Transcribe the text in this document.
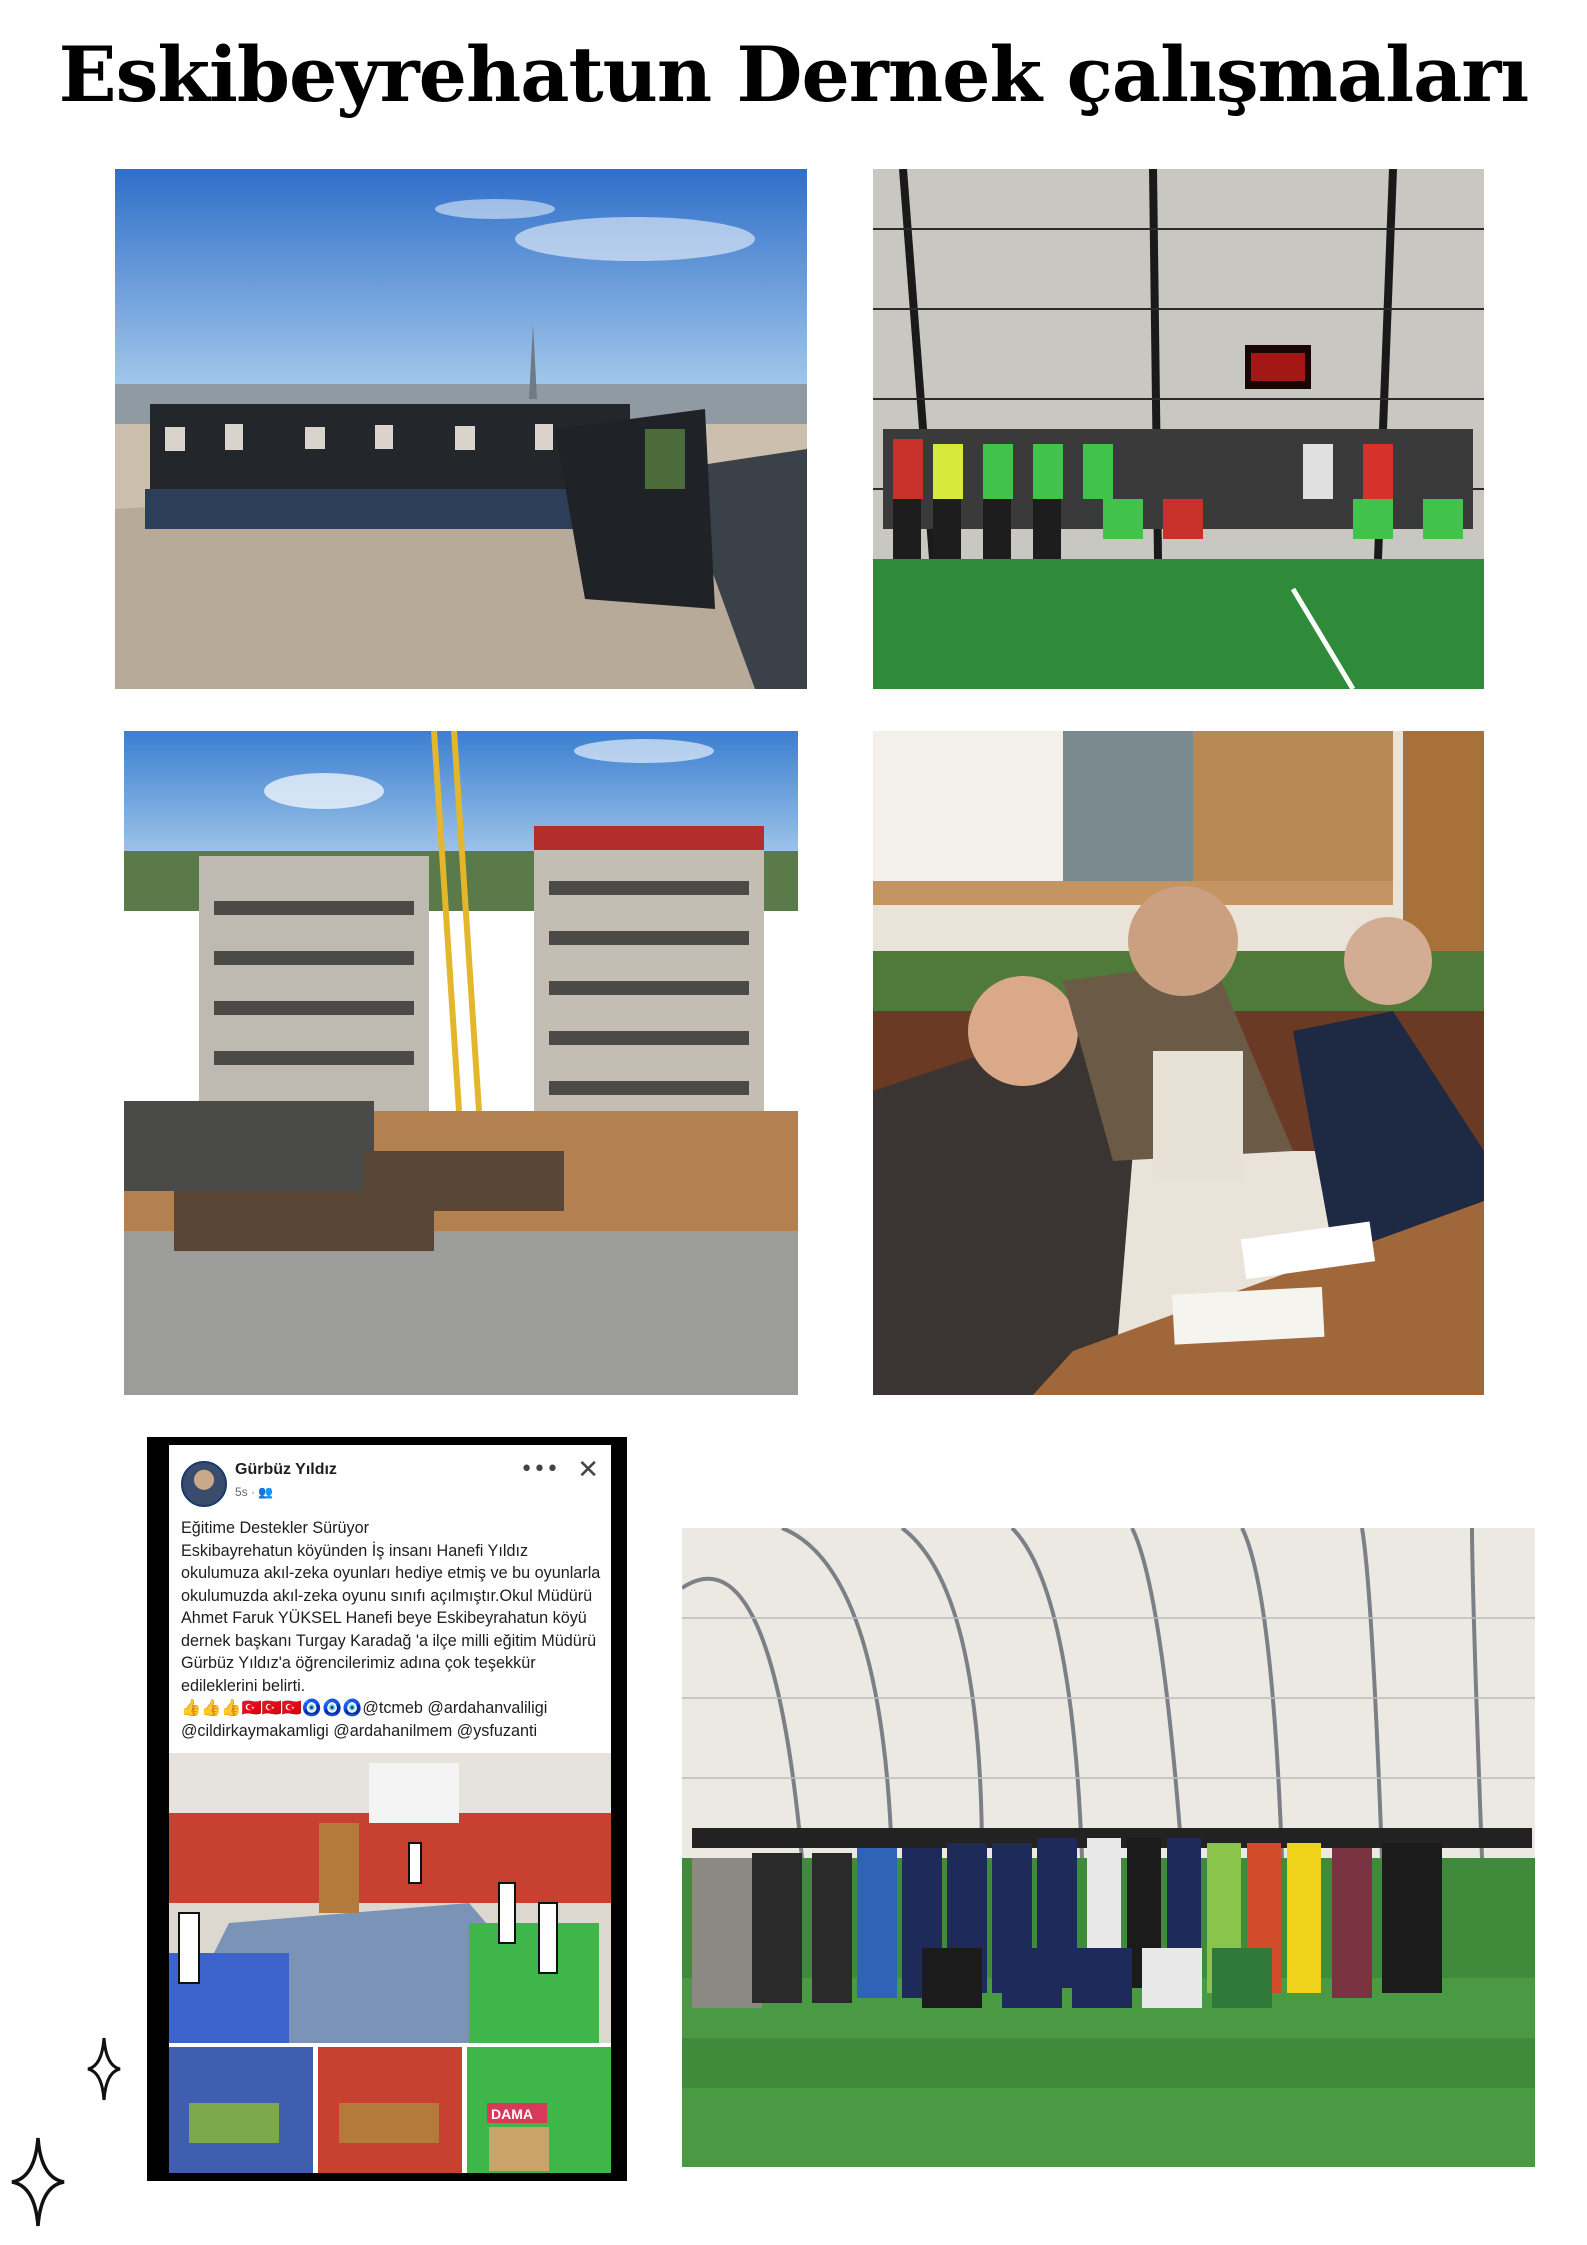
Eskibeyrehatun Dernek çalışmaları
Gürbüz Yıldız
5s · 👥
••• ✕
Eğitime Destekler Sürüyor
Eskibayrehatun köyünden İş insanı Hanefi Yıldız okulumuza akıl-zeka oyunları hediye etmiş ve bu oyunlarla okulumuzda akıl-zeka oyunu sınıfı açılmıştır.Okul Müdürü Ahmet Faruk YÜKSEL Hanefi beye Eskibeyrahatun köyü dernek başkanı Turgay Karadağ 'a ilçe milli eğitim Müdürü Gürbüz Yıldız'a öğrencilerimiz adına çok teşekkür edileklerini belirti.
👍👍👍🇹🇷🇹🇷🇹🇷🧿🧿🧿@tcmeb @ardahanvaliligi @cildirkaymakamligi @ardahanilmem @ysfuzanti
DAMA
